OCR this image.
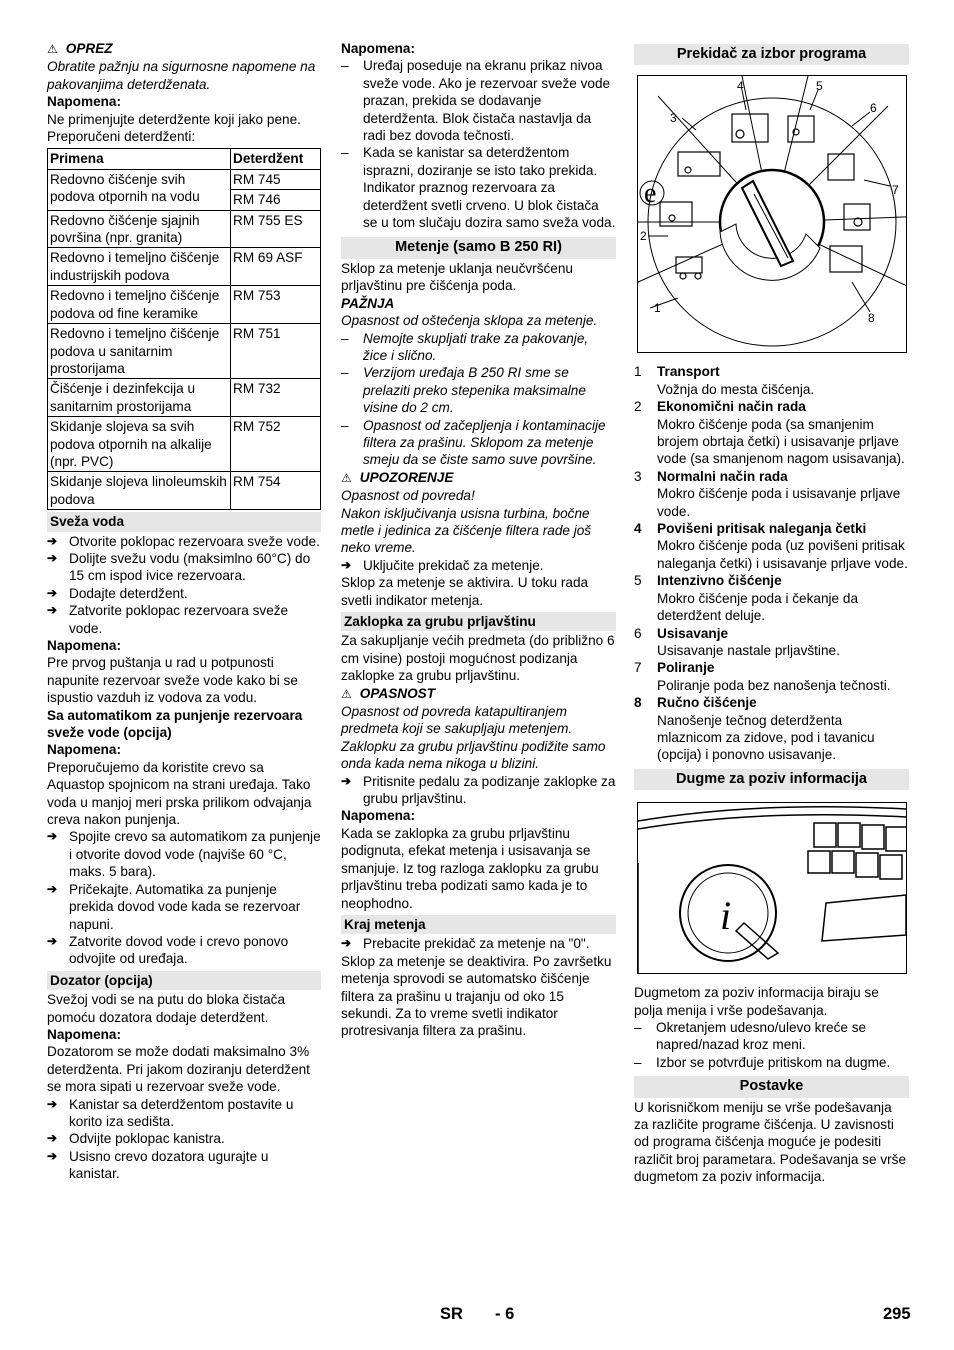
⚠ OPREZ

Obratite pažnju na sigurnosne napomene na pakovanjima deterdženata.

Napomena:

Ne primenjujte deterdžente koji jako pene. Preporučeni deterdženti:

Primena	Deterdžent
Redovno čišćenje svih podova otpornih na vodu	RM 745
	RM 746
Redovno čišćenje sjajnih površina (npr. granita)	RM 755 ES
Redovno i temeljno čišćenje industrijskih podova	RM 69 ASF
Redovno i temeljno čišćenje podova od fine keramike	RM 753
Redovno i temeljno čišćenje podova u sanitarnim prostorijama	RM 751
Čišćenje i dezinfekcija u sanitarnim prostorijama	RM 732
Skidanje slojeva sa svih podova otpornih na alkalije (npr. PVC)	RM 752
Skidanje slojeva linoleumskih podova	RM 754

Sveža voda

➔ Otvorite poklopac rezervoara sveže vode.

➔ Dolijte svežu vodu (maksimlno 60°C) do 15 cm ispod ivice rezervoara.

➔ Dodajte deterdžent.

➔ Zatvorite poklopac rezervoara sveže vode.

Napomena:

Pre prvog puštanja u rad u potpunosti napunite rezervoar sveže vode kako bi se ispustio vazduh iz vodova za vodu.

Sa automatikom za punjenje rezervoara sveže vode (opcija)

Napomena:

Preporučujemo da koristite crevo sa Aquastop spojnicom na strani uređaja. Tako voda u manjoj meri prska prilikom odvajanja creva nakon punjenja.

➔ Spojite crevo sa automatikom za punjenje i otvorite dovod vode (najviše 60 °C, maks. 5 bara).

➔ Pričekajte. Automatika za punjenje prekida dovod vode kada se rezervoar napuni.

➔ Zatvorite dovod vode i crevo ponovo odvojite od uređaja.

Dozator (opcija)

Svežoj vodi se na putu do bloka čistača pomoću dozatora dodaje deterdžent.

Napomena:

Dozatorom se može dodati maksimalno 3% deterdženta. Pri jakom doziranju deterdžent se mora sipati u rezervoar sveže vode.

➔ Kanistar sa deterdžentom postavite u korito iza sedišta.

➔ Odvijte poklopac kanistra.

➔ Usisno crevo dozatora ugurajte u kanistar.

Napomena:

– Uređaj poseduje na ekranu prikaz nivoa sveže vode. Ako je rezervoar sveže vode prazan, prekida se dodavanje deterdženta. Blok čistača nastavlja da radi bez dovoda tečnosti.

– Kada se kanistar sa deterdžentom isprazni, doziranje se isto tako prekida. Indikator praznog rezervoara za deterdžent svetli crveno. U blok čistača se u tom slučaju dozira samo sveža voda.

Metenje (samo B 250 RI)

Sklop za metenje uklanja neučvršćenu prljavštinu pre čišćenja poda.

PAŽNJA

Opasnost od oštećenja sklopa za metenje.

– Nemojte skupljati trake za pakovanje, žice i slično.

– Verzijom uređaja B 250 RI sme se prelaziti preko stepenika maksimalne visine do 2 cm.

– Opasnost od začepljenja i kontaminacije filtera za prašinu. Sklopom za metenje smeju da se čiste samo suve površine.

⚠ UPOZORENJE

Opasnost od povreda!

Nakon isključivanja usisna turbina, bočne metle i jedinica za čišćenje filtera rade još neko vreme.

➔ Uključite prekidač za metenje.

Sklop za metenje se aktivira. U toku rada svetli indikator metenja.

Zaklopka za grubu prljavštinu

Za sakupljanje većih predmeta (do približno 6 cm visine) postoji mogućnost podizanja zaklopke za grubu prljavštinu.

⚠ OPASNOST

Opasnost od povreda katapultiranjem predmeta koji se sakupljaju metenjem. Zaklopku za grubu prljavštinu podižite samo onda kada nema nikoga u blizini.

➔ Pritisnite pedalu za podizanje zaklopke za grubu prljavštinu.

Napomena:

Kada se zaklopka za grubu prljavštinu podignuta, efekat metenja i usisavanja se smanjuje. Iz tog razloga zaklopku za grubu prljavštinu treba podizati samo kada je to neophodno.

Kraj metenja

➔ Prebacite prekidač za metenje na "0".

Sklop za metenje se deaktivira. Po završetku metenja sprovodi se automatsko čišćenje filtera za prašinu u trajanju od oko 15 sekundi. Za to vreme svetli indikator protresivanja filtera za prašinu.

Prekidač za izbor programa

e
1
2
3
4	5
6
7
8
1 Transport

Vožnja do mesta čišćenja.

2 Ekonomični način rada

Mokro čišćenje poda (sa smanjenim brojem obrtaja četki) i usisavanje prljave vode (sa smanjenom nagom usisavanja).

3 Normalni način rada

Mokro čišćenje poda i usisavanje prljave vode.

4 Povišeni pritisak naleganja četki

Mokro čišćenje poda (uz povišeni pritisak naleganja četki) i usisavanje prljave vode.

5 Intenzivno čišćenje

Mokro čišćenje poda i čekanje da deterdžent deluje.

6 Usisavanje

Usisavanje nastale prljavštine.

7 Poliranje

Poliranje poda bez nanošenja tečnosti.

8 Ručno čišćenje

Nanošenje tečnog deterdženta mlaznicom za zidove, pod i tavanicu (opcija) i ponovno usisavanje.

Dugme za poziv informacija

i

Dugmetom za poziv informacija biraju se polja menija i vrše podešavanja.

– Okretanjem udesno/ulevo kreće se napred/nazad kroz meni.

– Izbor se potvrđuje pritiskom na dugme.

Postavke

U korisničkom meniju se vrše podešavanja za različite programe čišćenja. U zavisnosti od programa čišćenja moguće je podesiti različit broj parametara. Podešavanja se vrše dugmetom za poziv informacija.

SR - 6	295
